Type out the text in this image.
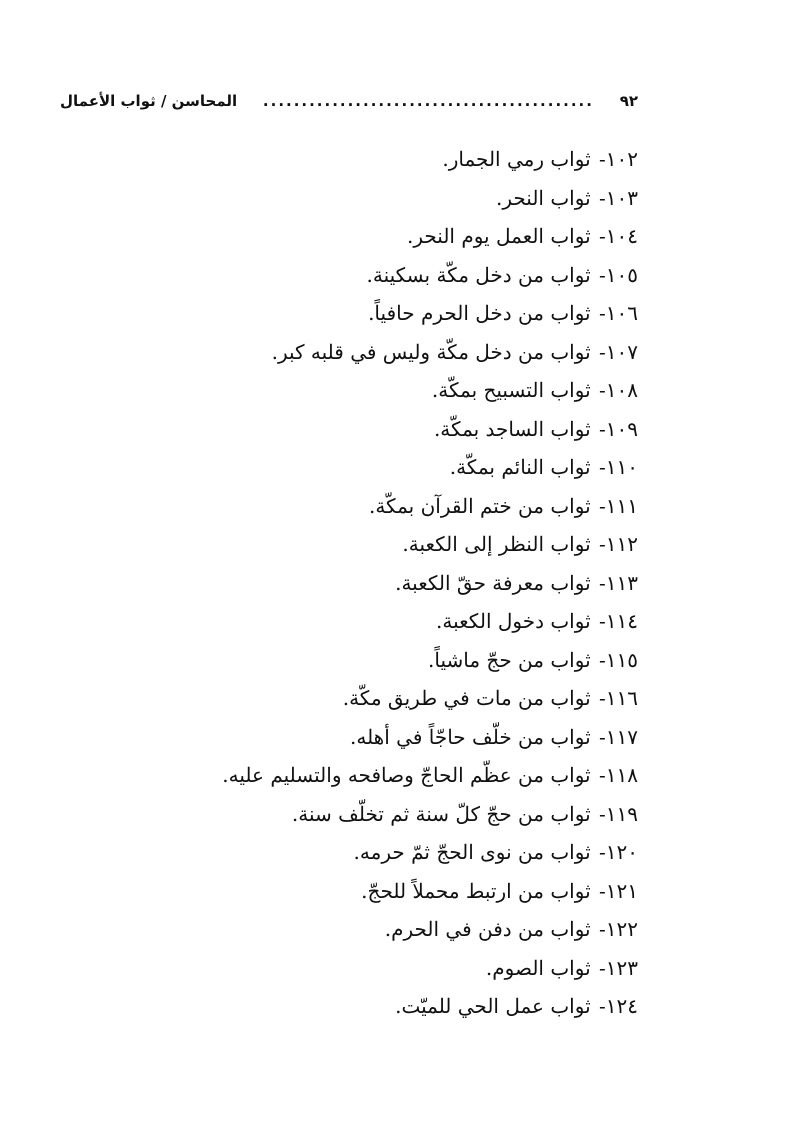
٩٢
...........................................
المحاسن / ثواب الأعمال
١٠٢- ثواب رمي الجمار.
١٠٣- ثواب النحر.
١٠٤- ثواب العمل يوم النحر.
١٠٥- ثواب من دخل مكّة بسكينة.
١٠٦- ثواب من دخل الحرم حافياً.
١٠٧- ثواب من دخل مكّة وليس في قلبه كبر.
١٠٨- ثواب التسبيح بمكّة.
١٠٩- ثواب الساجد بمكّة.
١١٠- ثواب النائم بمكّة.
١١١- ثواب من ختم القرآن بمكّة.
١١٢- ثواب النظر إلى الكعبة.
١١٣- ثواب معرفة حقّ الكعبة.
١١٤- ثواب دخول الكعبة.
١١٥- ثواب من حجّ ماشياً.
١١٦- ثواب من مات في طريق مكّة.
١١٧- ثواب من خلّف حاجّاً في أهله.
١١٨- ثواب من عظّم الحاجّ وصافحه والتسليم عليه.
١١٩- ثواب من حجّ كلّ سنة ثم تخلّف سنة.
١٢٠- ثواب من نوى الحجّ ثمّ حرمه.
١٢١- ثواب من ارتبط محملاً للحجّ.
١٢٢- ثواب من دفن في الحرم.
١٢٣- ثواب الصوم.
١٢٤- ثواب عمل الحي للميّت.
